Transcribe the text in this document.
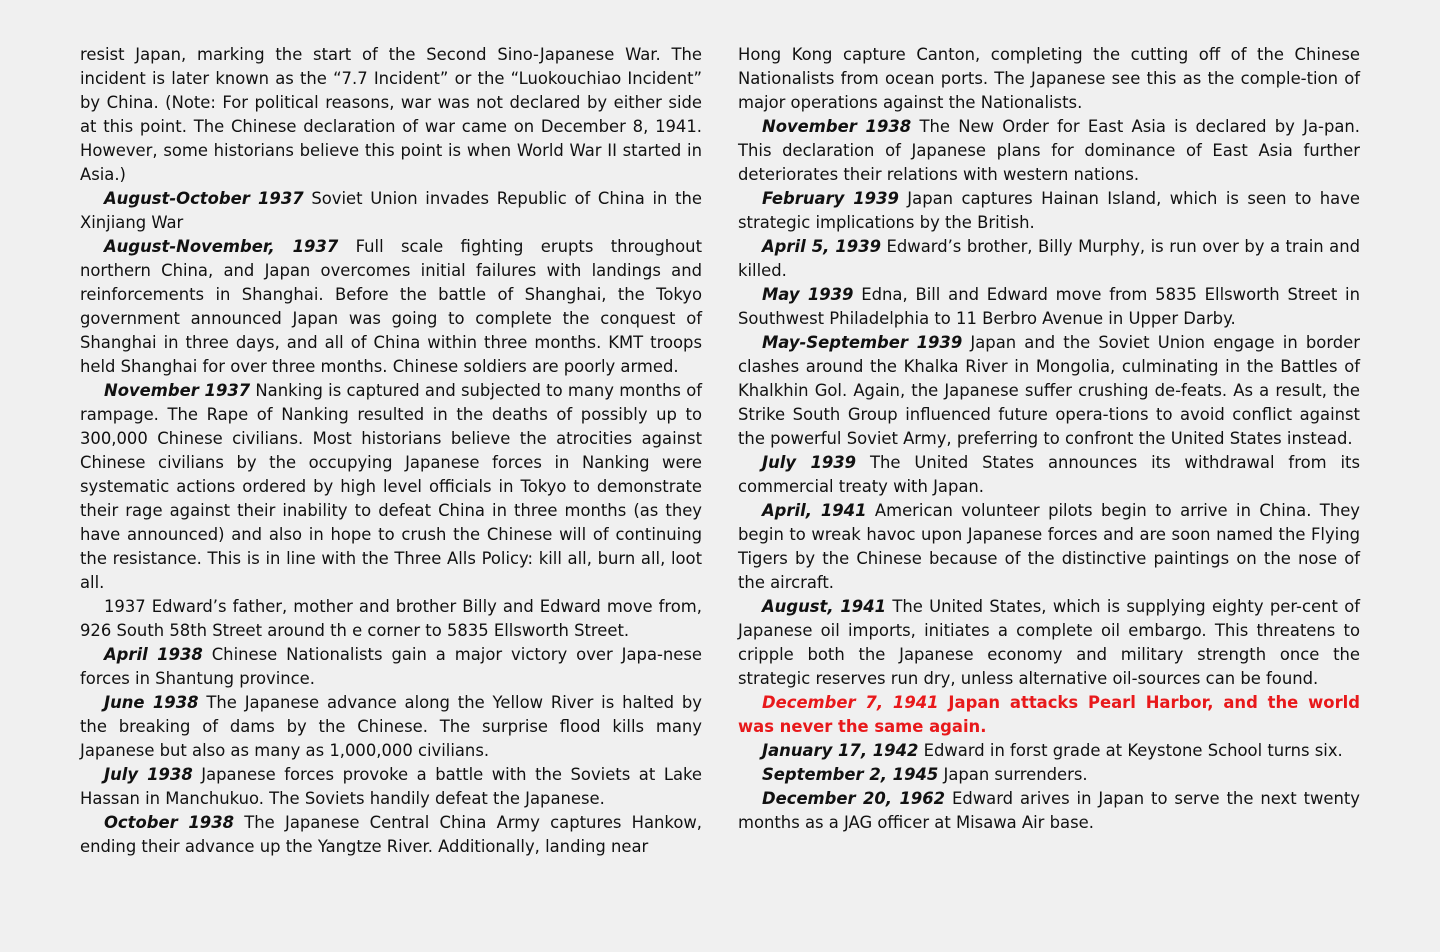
resist Japan, marking the start of the Second Sino-Japanese War. The incident is later known as the “7.7 Incident” or the “Luokouchiao Incident” by China. (Note: For political reasons, war was not declared by either side at this point. The Chinese declaration of war came on December 8, 1941. However, some historians believe this point is when World War II started in Asia.)

August-October 1937 Soviet Union invades Republic of China in the Xinjiang War

August-November, 1937 Full scale fighting erupts throughout northern China, and Japan overcomes initial failures with landings and reinforcements in Shanghai. Before the battle of Shanghai, the Tokyo government announced Japan was going to complete the conquest of Shanghai in three days, and all of China within three months. KMT troops held Shanghai for over three months. Chinese soldiers are poorly armed.

November 1937 Nanking is captured and subjected to many months of rampage. The Rape of Nanking resulted in the deaths of possibly up to 300,000 Chinese civilians. Most historians believe the atrocities against Chinese civilians by the occupying Japanese forces in Nanking were systematic actions ordered by high level officials in Tokyo to demonstrate their rage against their inability to defeat China in three months (as they have announced) and also in hope to crush the Chinese will of continuing the resistance. This is in line with the Three Alls Policy: kill all, burn all, loot all.

1937 Edward’s father, mother and brother Billy and Edward move from, 926 South 58th Street around th e corner to 5835 Ellsworth Street.

April 1938 Chinese Nationalists gain a major victory over Japa-nese forces in Shantung province.

June 1938 The Japanese advance along the Yellow River is halted by the breaking of dams by the Chinese. The surprise flood kills many Japanese but also as many as 1,000,000 civilians.

July 1938 Japanese forces provoke a battle with the Soviets at Lake Hassan in Manchukuo. The Soviets handily defeat the Japanese.

October 1938 The Japanese Central China Army captures Hankow, ending their advance up the Yangtze River. Additionally, landing near

Hong Kong capture Canton, completing the cutting off of the Chinese Nationalists from ocean ports. The Japanese see this as the comple-tion of major operations against the Nationalists.

November 1938 The New Order for East Asia is declared by Ja-pan. This declaration of Japanese plans for dominance of East Asia further deteriorates their relations with western nations.

February 1939 Japan captures Hainan Island, which is seen to have strategic implications by the British.

April 5, 1939 Edward’s brother, Billy Murphy, is run over by a train and killed.

May 1939 Edna, Bill and Edward move from 5835 Ellsworth Street in Southwest Philadelphia to 11 Berbro Avenue in Upper Darby.

May-September 1939 Japan and the Soviet Union engage in border clashes around the Khalka River in Mongolia, culminating in the Battles of Khalkhin Gol. Again, the Japanese suffer crushing de-feats. As a result, the Strike South Group influenced future opera-tions to avoid conflict against the powerful Soviet Army, preferring to confront the United States instead.

July 1939 The United States announces its withdrawal from its commercial treaty with Japan.

April, 1941 American volunteer pilots begin to arrive in China. They begin to wreak havoc upon Japanese forces and are soon named the Flying Tigers by the Chinese because of the distinctive paintings on the nose of the aircraft.

August, 1941 The United States, which is supplying eighty per-cent of Japanese oil imports, initiates a complete oil embargo. This threatens to cripple both the Japanese economy and military strength once the strategic reserves run dry, unless alternative oil-sources can be found.

December 7, 1941 Japan attacks Pearl Harbor, and the world was never the same again.

January 17, 1942 Edward in forst grade at Keystone School turns six.

September 2, 1945 Japan surrenders.

December 20, 1962 Edward arives in Japan to serve the next twenty months as a JAG officer at Misawa Air base.
